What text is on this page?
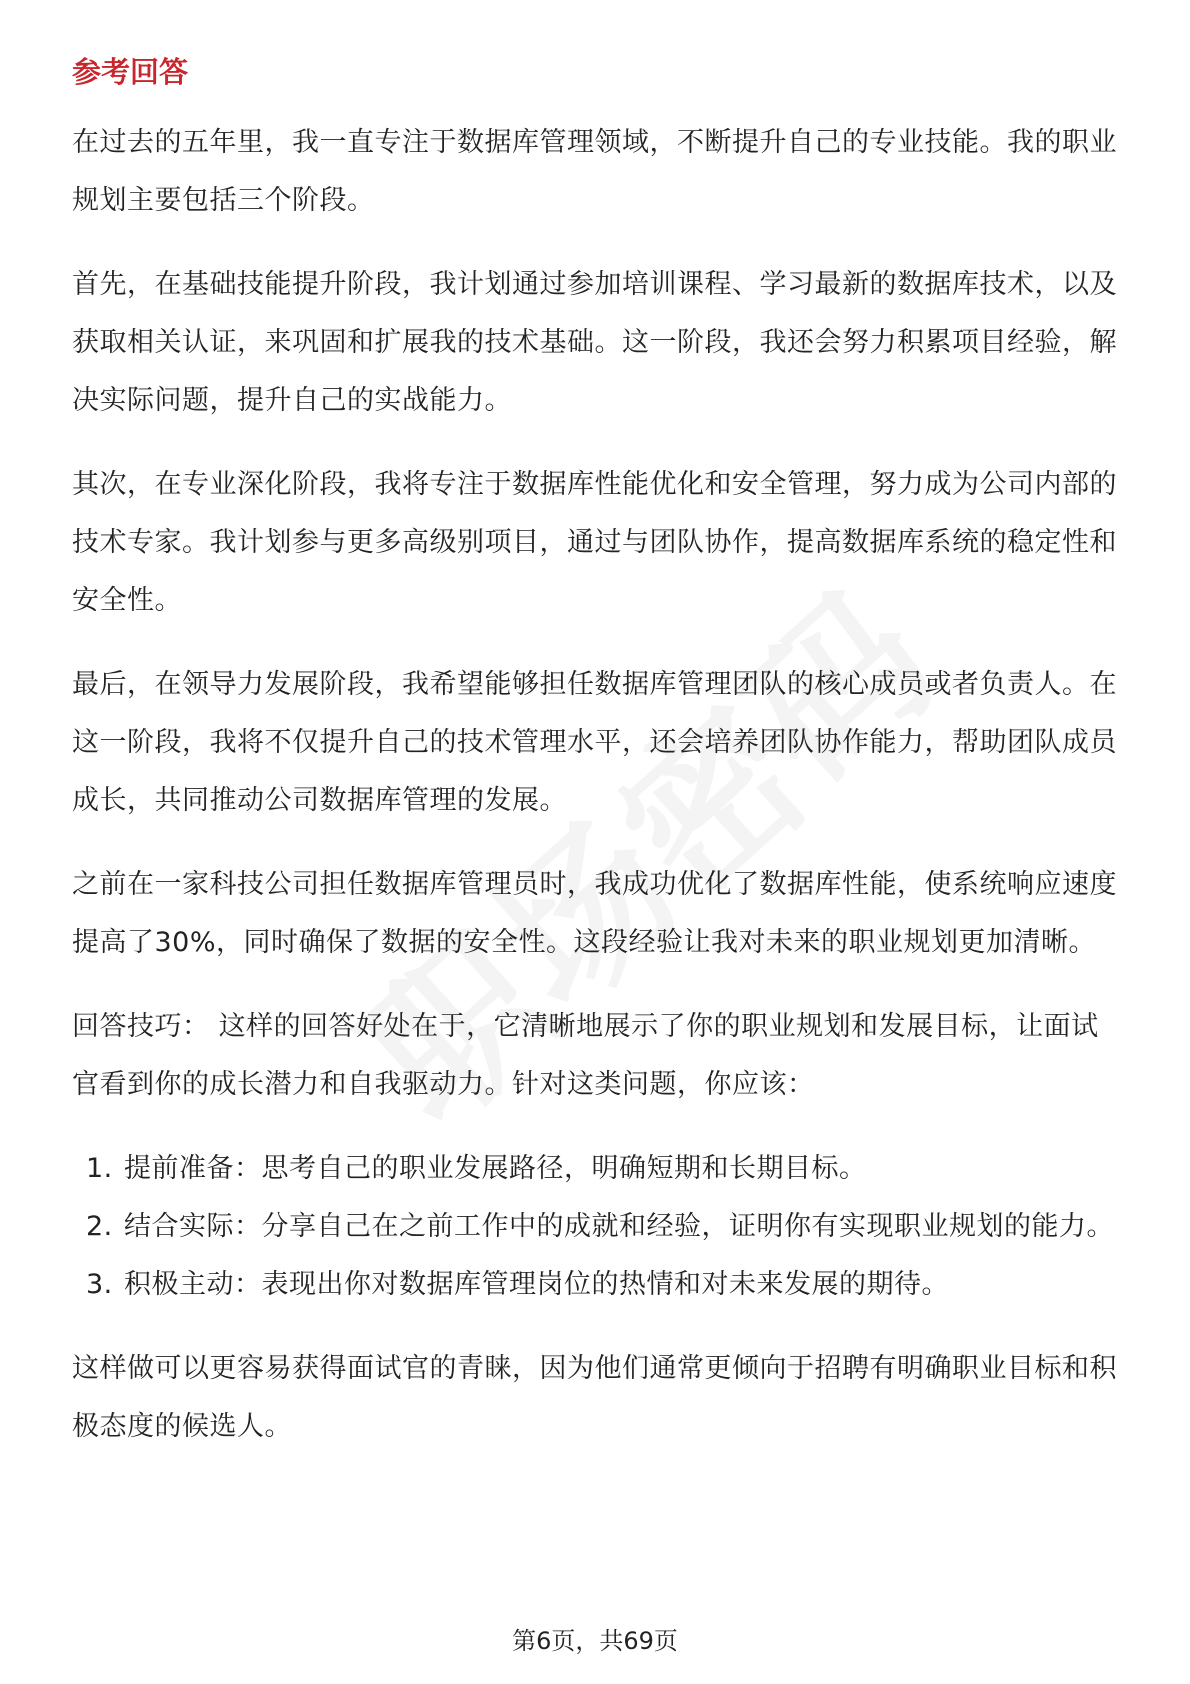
参考回答

在过去的五年里，我一直专注于数据库管理领域，不断提升自己的专业技能。我的职业规划主要包括三个阶段。

首先，在基础技能提升阶段，我计划通过参加培训课程、学习最新的数据库技术，以及获取相关认证，来巩固和扩展我的技术基础。这一阶段，我还会努力积累项目经验，解决实际问题，提升自己的实战能力。

其次，在专业深化阶段，我将专注于数据库性能优化和安全管理，努力成为公司内部的技术专家。我计划参与更多高级别项目，通过与团队协作，提高数据库系统的稳定性和安全性。

最后，在领导力发展阶段，我希望能够担任数据库管理团队的核心成员或者负责人。在这一阶段，我将不仅提升自己的技术管理水平，还会培养团队协作能力，帮助团队成员成长，共同推动公司数据库管理的发展。

之前在一家科技公司担任数据库管理员时，我成功优化了数据库性能，使系统响应速度提高了30%，同时确保了数据的安全性。这段经验让我对未来的职业规划更加清晰。

回答技巧： 这样的回答好处在于，它清晰地展示了你的职业规划和发展目标，让面试官看到你的成长潜力和自我驱动力。针对这类问题，你应该：

1. 提前准备：思考自己的职业发展路径，明确短期和长期目标。
2. 结合实际：分享自己在之前工作中的成就和经验，证明你有实现职业规划的能力。
3. 积极主动：表现出你对数据库管理岗位的热情和对未来发展的期待。

这样做可以更容易获得面试官的青睐，因为他们通常更倾向于招聘有明确职业目标和积极态度的候选人。

第6页，共69页
